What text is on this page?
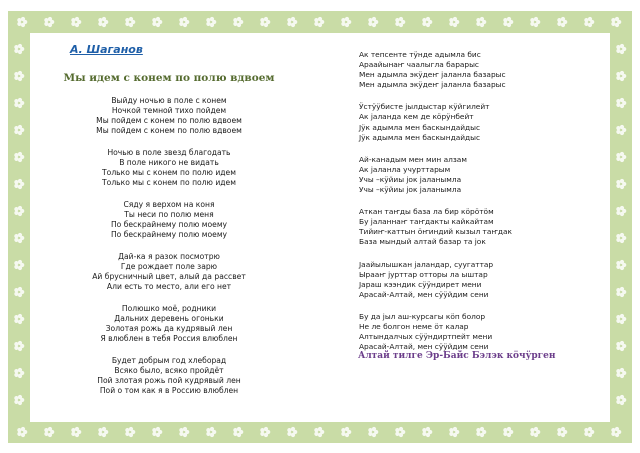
А. Шаганов
Мы идем с конем по полю вдвоем
Выйду ночью в поле с конем
Ночкой темной тихо пойдем
Мы пойдем с конем по полю вдвоем
Мы пойдем с конем по полю вдвоем
Ночью в поле звезд благодать
В поле никого не видать
Только мы с конем по полю идем
Только мы с конем по полю идем
Сяду я верхом на коня
Ты неси по полю меня
По бескрайнему полю моему
По бескрайнему полю моему
Дай-ка я разок посмотрю
Где рождает поле зарю
Ай брусничный цвет, алый да рассвет
Али есть то место, али его нет
Полюшко моё, родники
Дальних деревень огоньки
Золотая рожь да кудрявый лен
Я влюблен в тебя Россия влюблен
Будет добрым год хлеборад
Всяко было, всяко пройдёт
Пой злотая рожь пой кудрявый лен
Пой о том как я в Россию влюблен
Ак тепсенте тӱнде адымла бис
Араайынаҥ чаалыгла барарыс
Мен адымла экӱдеҥ јаланла базарыс
Мен адымла экӱдеҥ јаланла базарыс
Ӱстӱӱбисте јылдыстар кӱйгилейт
Ак јаланда кем де кӧрӱнбейт
Јӱк адымла мен баскындайдыс
Јӱк адымла мен баскындайдыс
Ай-канадым мен мин алзам
Ак јаланла учурттарым
Учы –кӱйиы јок јаланымла
Учы –кӱйиы јок јаланымла
Аткан таҥды база ла бир кӧрӧтӧм
Бу јаланнаҥ таҥдакты кайкайтам
Тийиҥ-каттын ӧҥиндий кызыл таҥдак
База мындый алтай базар та јок
Јаайылышкан јаландар, суугаттар
Ырааҥ јурттар отторы ла ыштар
Јараш кээндик сӱӱндирет мени
Арасай-Алтай, мен сӱӱйдим сени
Бу да јыл аш-курсагы кӧп болор
Не ле болгон неме ӧт калар
Алтындалчых сӱӱндиртпейт мени
Арасай-Алтай, мен сӱӱйдим сени
Алтай тилге Эр-Байс Бэлэк кӧчӱрген
